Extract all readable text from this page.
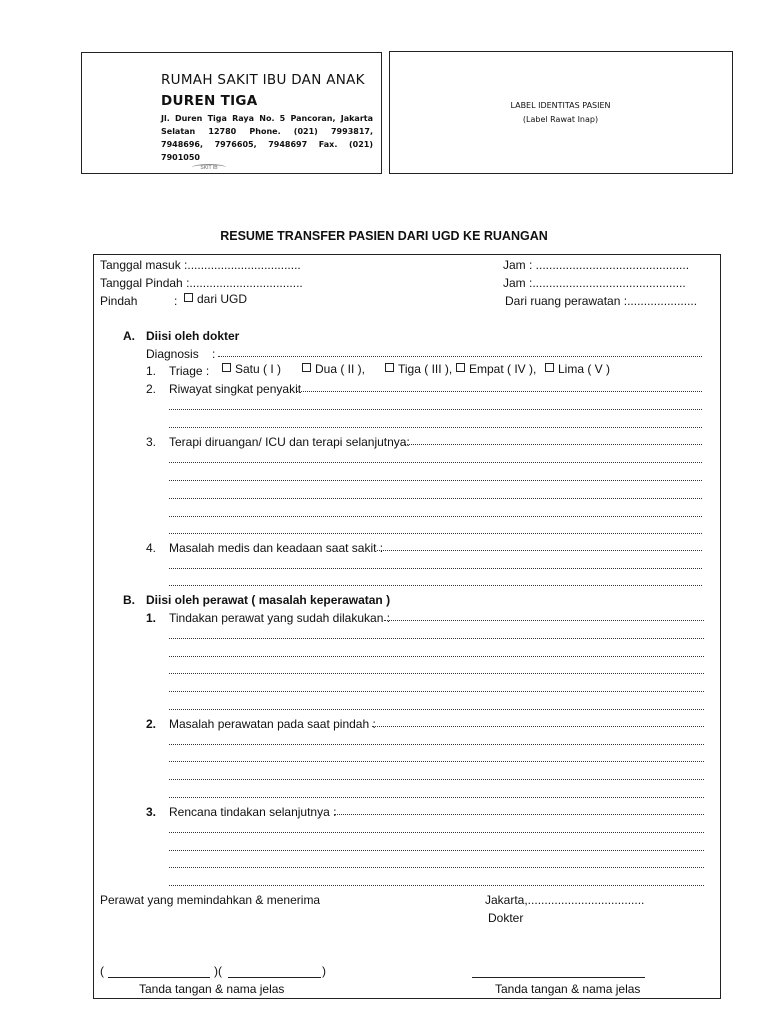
RUMAH SAKIT IBU DAN ANAK
DUREN TIGA
Jl. Duren Tiga Raya No. 5 Pancoran, Jakarta Selatan 12780 Phone. (021) 7993817, 7948696, 7976605, 7948697 Fax. (021) 7901050
SKIT IB
LABEL IDENTITAS PASIEN
(Label Rawat Inap)
RESUME TRANSFER PASIEN DARI UGD KE RUANGAN
Tanggal masuk :..................................	Jam : ..............................................
Tanggal Pindah :..................................	Jam :..............................................
Pindah	:	dari UGD	Dari ruang perawatan :.....................
A. Diisi oleh dokter
Diagnosis :
1. Triage :	Satu ( I )	Dua ( II ),	Tiga ( III ),	Empat ( IV ),	Lima ( V )
2. Riwayat singkat penyakit
3. Terapi diruangan/ ICU dan terapi selanjutnya:
4. Masalah medis dan keadaan saat sakit :
B. Diisi oleh perawat ( masalah keperawatan )
1. Tindakan perawat yang sudah dilakukan :
2. Masalah perawatan pada saat pindah :
3. Rencana tindakan selanjutnya :
Perawat yang memindahkan & menerima	Jakarta,...................................
Dokter
(	)(	)
Tanda tangan & nama jelas	Tanda tangan & nama jelas
